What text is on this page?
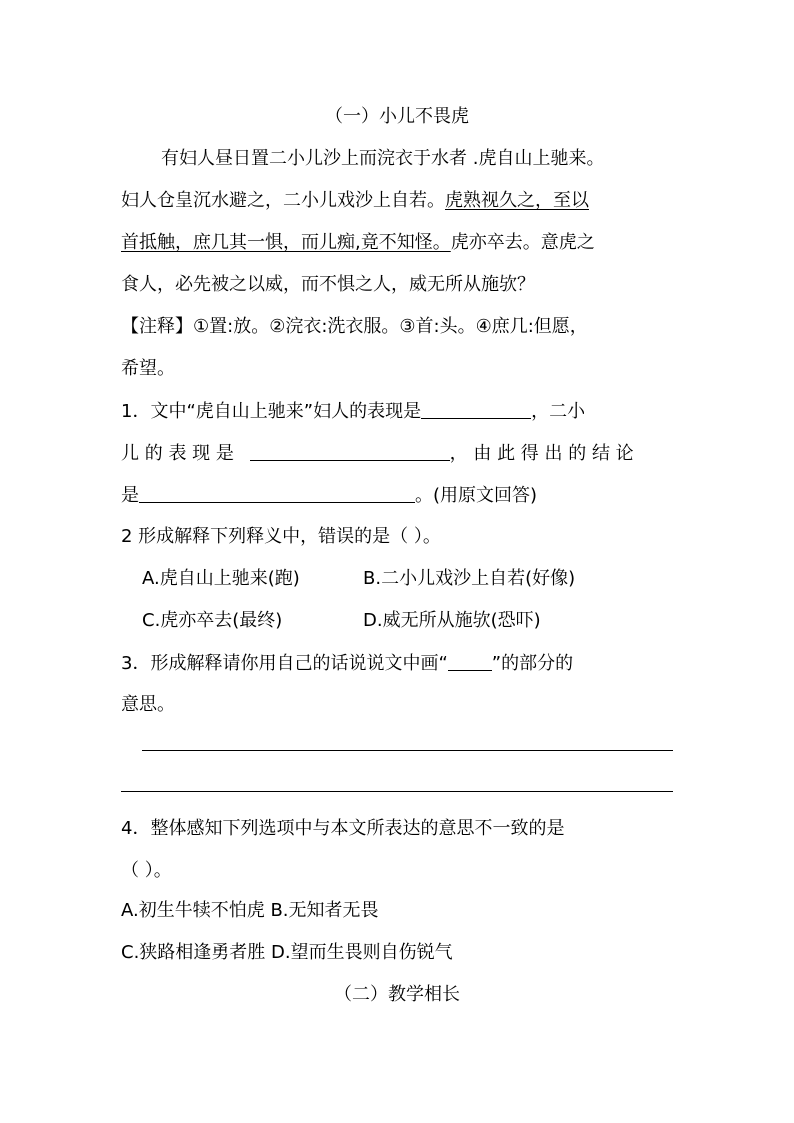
（一）小儿不畏虎
有妇人昼日置二小儿沙上而浣衣于水者 .虎自山上驰来。
妇人仓皇沉水避之，二小儿戏沙上自若。虎熟视久之，至以
首抵触，庶几其一惧，而儿痴,竟不知怪。虎亦卒去。意虎之
食人，必先被之以威，而不惧之人，威无所从施欤？
【注释】①置:放。②浣衣:洗衣服。③首:头。④庶几:但愿，
希望。
1．文中“虎自山上驰来”妇人的表现是	，二小
儿 的 表 现 是	， 由 此 得 出 的 结 论
是	。(用原文回答)
2 形成解释下列释义中，错误的是（ ）。
A.虎自山上驰来(跑)	B.二小儿戏沙上自若(好像)
C.虎亦卒去(最终)	D.威无所从施欤(恐吓)
3．形成解释请你用自己的话说说文中画“ ”的部分的
意思。
4．整体感知下列选项中与本文所表达的意思不一致的是
（ ）。
A.初生牛犊不怕虎 B.无知者无畏
C.狭路相逢勇者胜 D.望而生畏则自伤锐气
（二）教学相长
